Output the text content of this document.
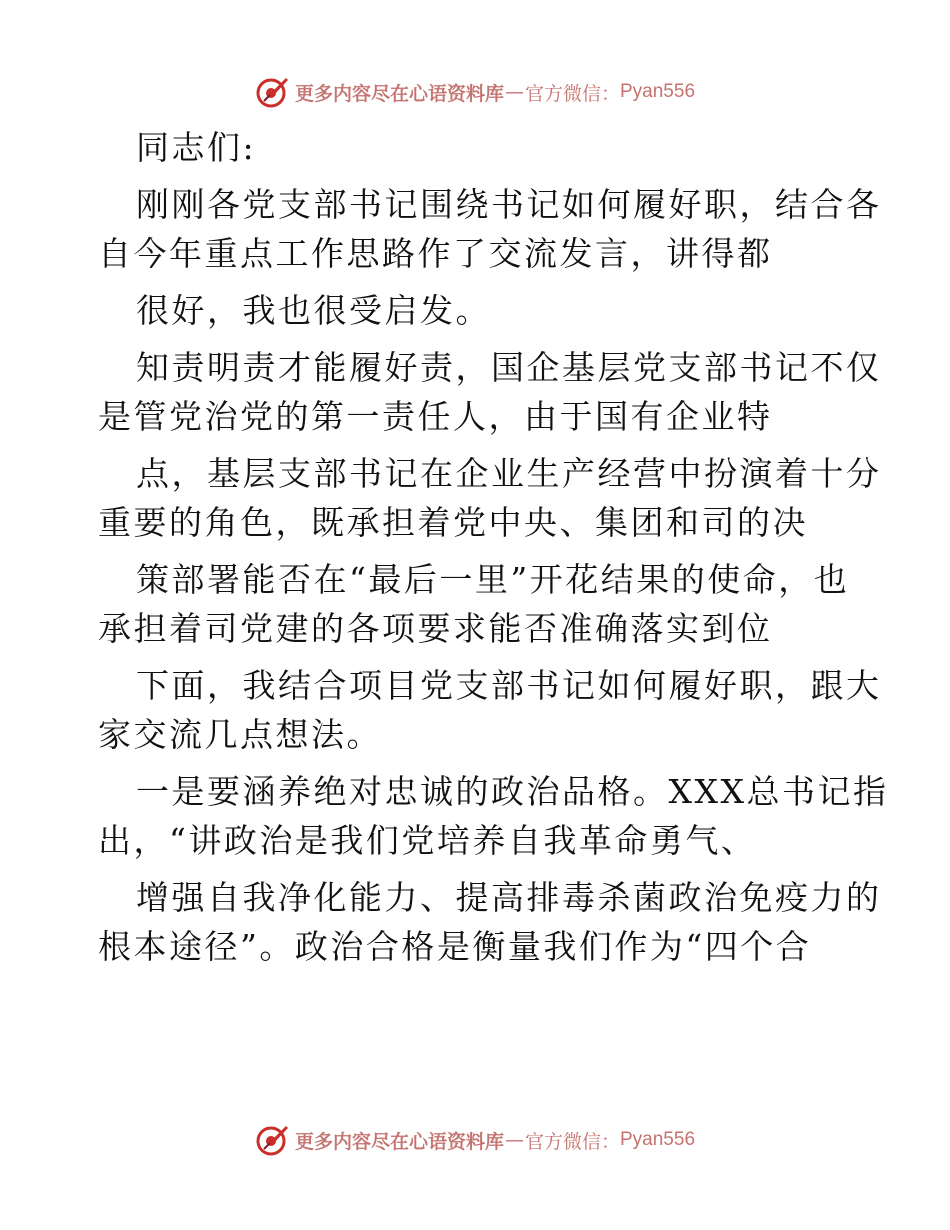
更多内容尽在心语资料库 — 官方微信： Pyan556
同志们:
刚刚各党支部书记围绕书记如何履好职，结合各
自今年重点工作思路作了交流发言，讲得都
很好，我也很受启发。
知责明责才能履好责，国企基层党支部书记不仅
是管党治党的第一责任人，由于国有企业特
点，基层支部书记在企业生产经营中扮演着十分
重要的角色，既承担着党中央、集团和司的决
策部署能否在“最后一里”开花结果的使命，也
承担着司党建的各项要求能否准确落实到位
下面，我结合项目党支部书记如何履好职，跟大
家交流几点想法。
一是要涵养绝对忠诚的政治品格。XXX总书记指
出，“讲政治是我们党培养自我革命勇气、
增强自我净化能力、提高排毒杀菌政治免疫力的
根本途径”。政治合格是衡量我们作为“四个合
更多内容尽在心语资料库 — 官方微信： Pyan556
